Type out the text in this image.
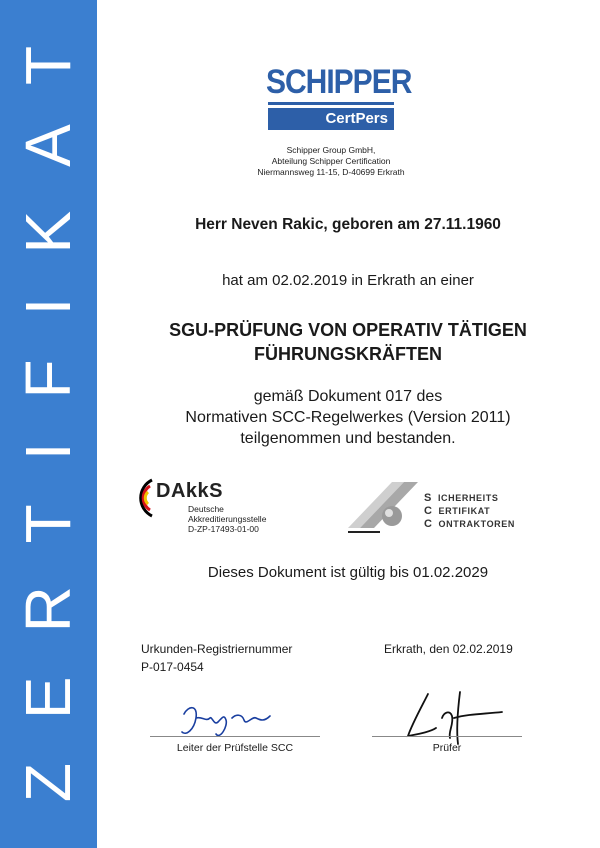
ZERTIFIKAT	SCHIPPER
CertPers
Schipper Group GmbH,
Abteilung Schipper Certification
Niermannsweg 11-15, D-40699 Erkrath
Herr Neven Rakic, geboren am 27.11.1960
hat am 02.02.2019 in Erkrath an einer
SGU-PRÜFUNG VON OPERATIV TÄTIGEN
FÜHRUNGSKRÄFTEN
gemäß Dokument 017 des
Normativen SCC-Regelwerkes (Version 2011)
teilgenommen und bestanden.
DAkkS
Deutsche
Akkreditierungsstelle
D-ZP-17493-01-00
S ICHERHEITS
C ERTIFIKAT
C ONTRAKTOREN
Dieses Dokument ist gültig bis 01.02.2029
Urkunden-Registriernummer
P-017-0454
Erkrath, den 02.02.2019
Leiter der Prüfstelle SCC	Prüfer
